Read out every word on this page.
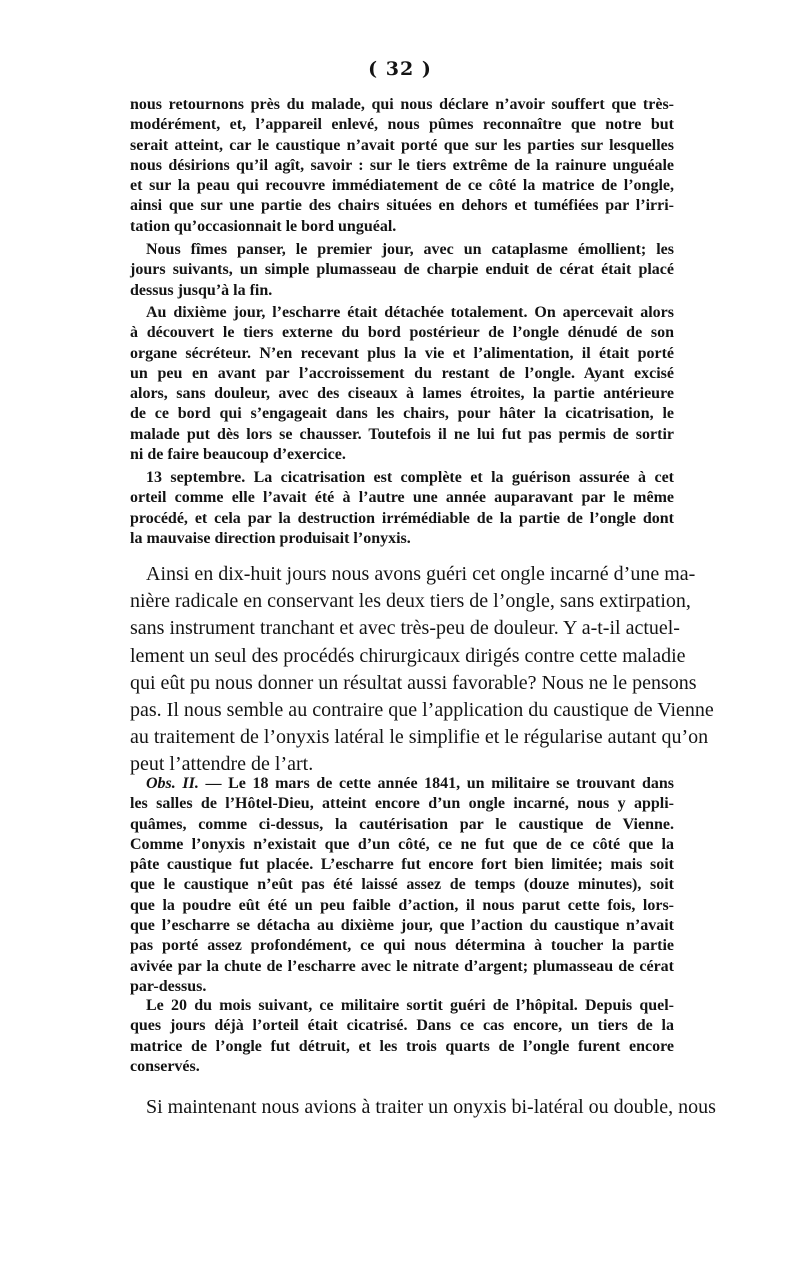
( 32 )
nous retournons près du malade, qui nous déclare n’avoir souffert que très-
modérément, et, l’appareil enlevé, nous pûmes reconnaître que notre but
serait atteint, car le caustique n’avait porté que sur les parties sur lesquelles
nous désirions qu’il agît, savoir : sur le tiers extrême de la rainure unguéale
et sur la peau qui recouvre immédiatement de ce côté la matrice de l’ongle,
ainsi que sur une partie des chairs situées en dehors et tuméfiées par l’irri-
tation qu’occasionnait le bord unguéal.
Nous fîmes panser, le premier jour, avec un cataplasme émollient; les
jours suivants, un simple plumasseau de charpie enduit de cérat était placé
dessus jusqu’à la fin.
Au dixième jour, l’escharre était détachée totalement. On apercevait alors
à découvert le tiers externe du bord postérieur de l’ongle dénudé de son
organe sécréteur. N’en recevant plus la vie et l’alimentation, il était porté
un peu en avant par l’accroissement du restant de l’ongle. Ayant excisé
alors, sans douleur, avec des ciseaux à lames étroites, la partie antérieure
de ce bord qui s’engageait dans les chairs, pour hâter la cicatrisation, le
malade put dès lors se chausser. Toutefois il ne lui fut pas permis de sortir
ni de faire beaucoup d’exercice.
13 septembre. La cicatrisation est complète et la guérison assurée à cet
orteil comme elle l’avait été à l’autre une année auparavant par le même
procédé, et cela par la destruction irrémédiable de la partie de l’ongle dont
la mauvaise direction produisait l’onyxis.
Ainsi en dix-huit jours nous avons guéri cet ongle incarné d’une ma-
nière radicale en conservant les deux tiers de l’ongle, sans extirpation,
sans instrument tranchant et avec très-peu de douleur. Y a-t-il actuel-
lement un seul des procédés chirurgicaux dirigés contre cette maladie
qui eût pu nous donner un résultat aussi favorable? Nous ne le pensons
pas. Il nous semble au contraire que l’application du caustique de Vienne
au traitement de l’onyxis latéral le simplifie et le régularise autant qu’on
peut l’attendre de l’art.
Obs. II. — Le 18 mars de cette année 1841, un militaire se trouvant dans
les salles de l’Hôtel-Dieu, atteint encore d’un ongle incarné, nous y appli-
quâmes, comme ci-dessus, la cautérisation par le caustique de Vienne.
Comme l’onyxis n’existait que d’un côté, ce ne fut que de ce côté que la
pâte caustique fut placée. L’escharre fut encore fort bien limitée; mais soit
que le caustique n’eût pas été laissé assez de temps (douze minutes), soit
que la poudre eût été un peu faible d’action, il nous parut cette fois, lors-
que l’escharre se détacha au dixième jour, que l’action du caustique n’avait
pas porté assez profondément, ce qui nous détermina à toucher la partie
avivée par la chute de l’escharre avec le nitrate d’argent; plumasseau de cérat
par-dessus.
Le 20 du mois suivant, ce militaire sortit guéri de l’hôpital. Depuis quel-
ques jours déjà l’orteil était cicatrisé. Dans ce cas encore, un tiers de la
matrice de l’ongle fut détruit, et les trois quarts de l’ongle furent encore
conservés.
Si maintenant nous avions à traiter un onyxis bi-latéral ou double, nous
